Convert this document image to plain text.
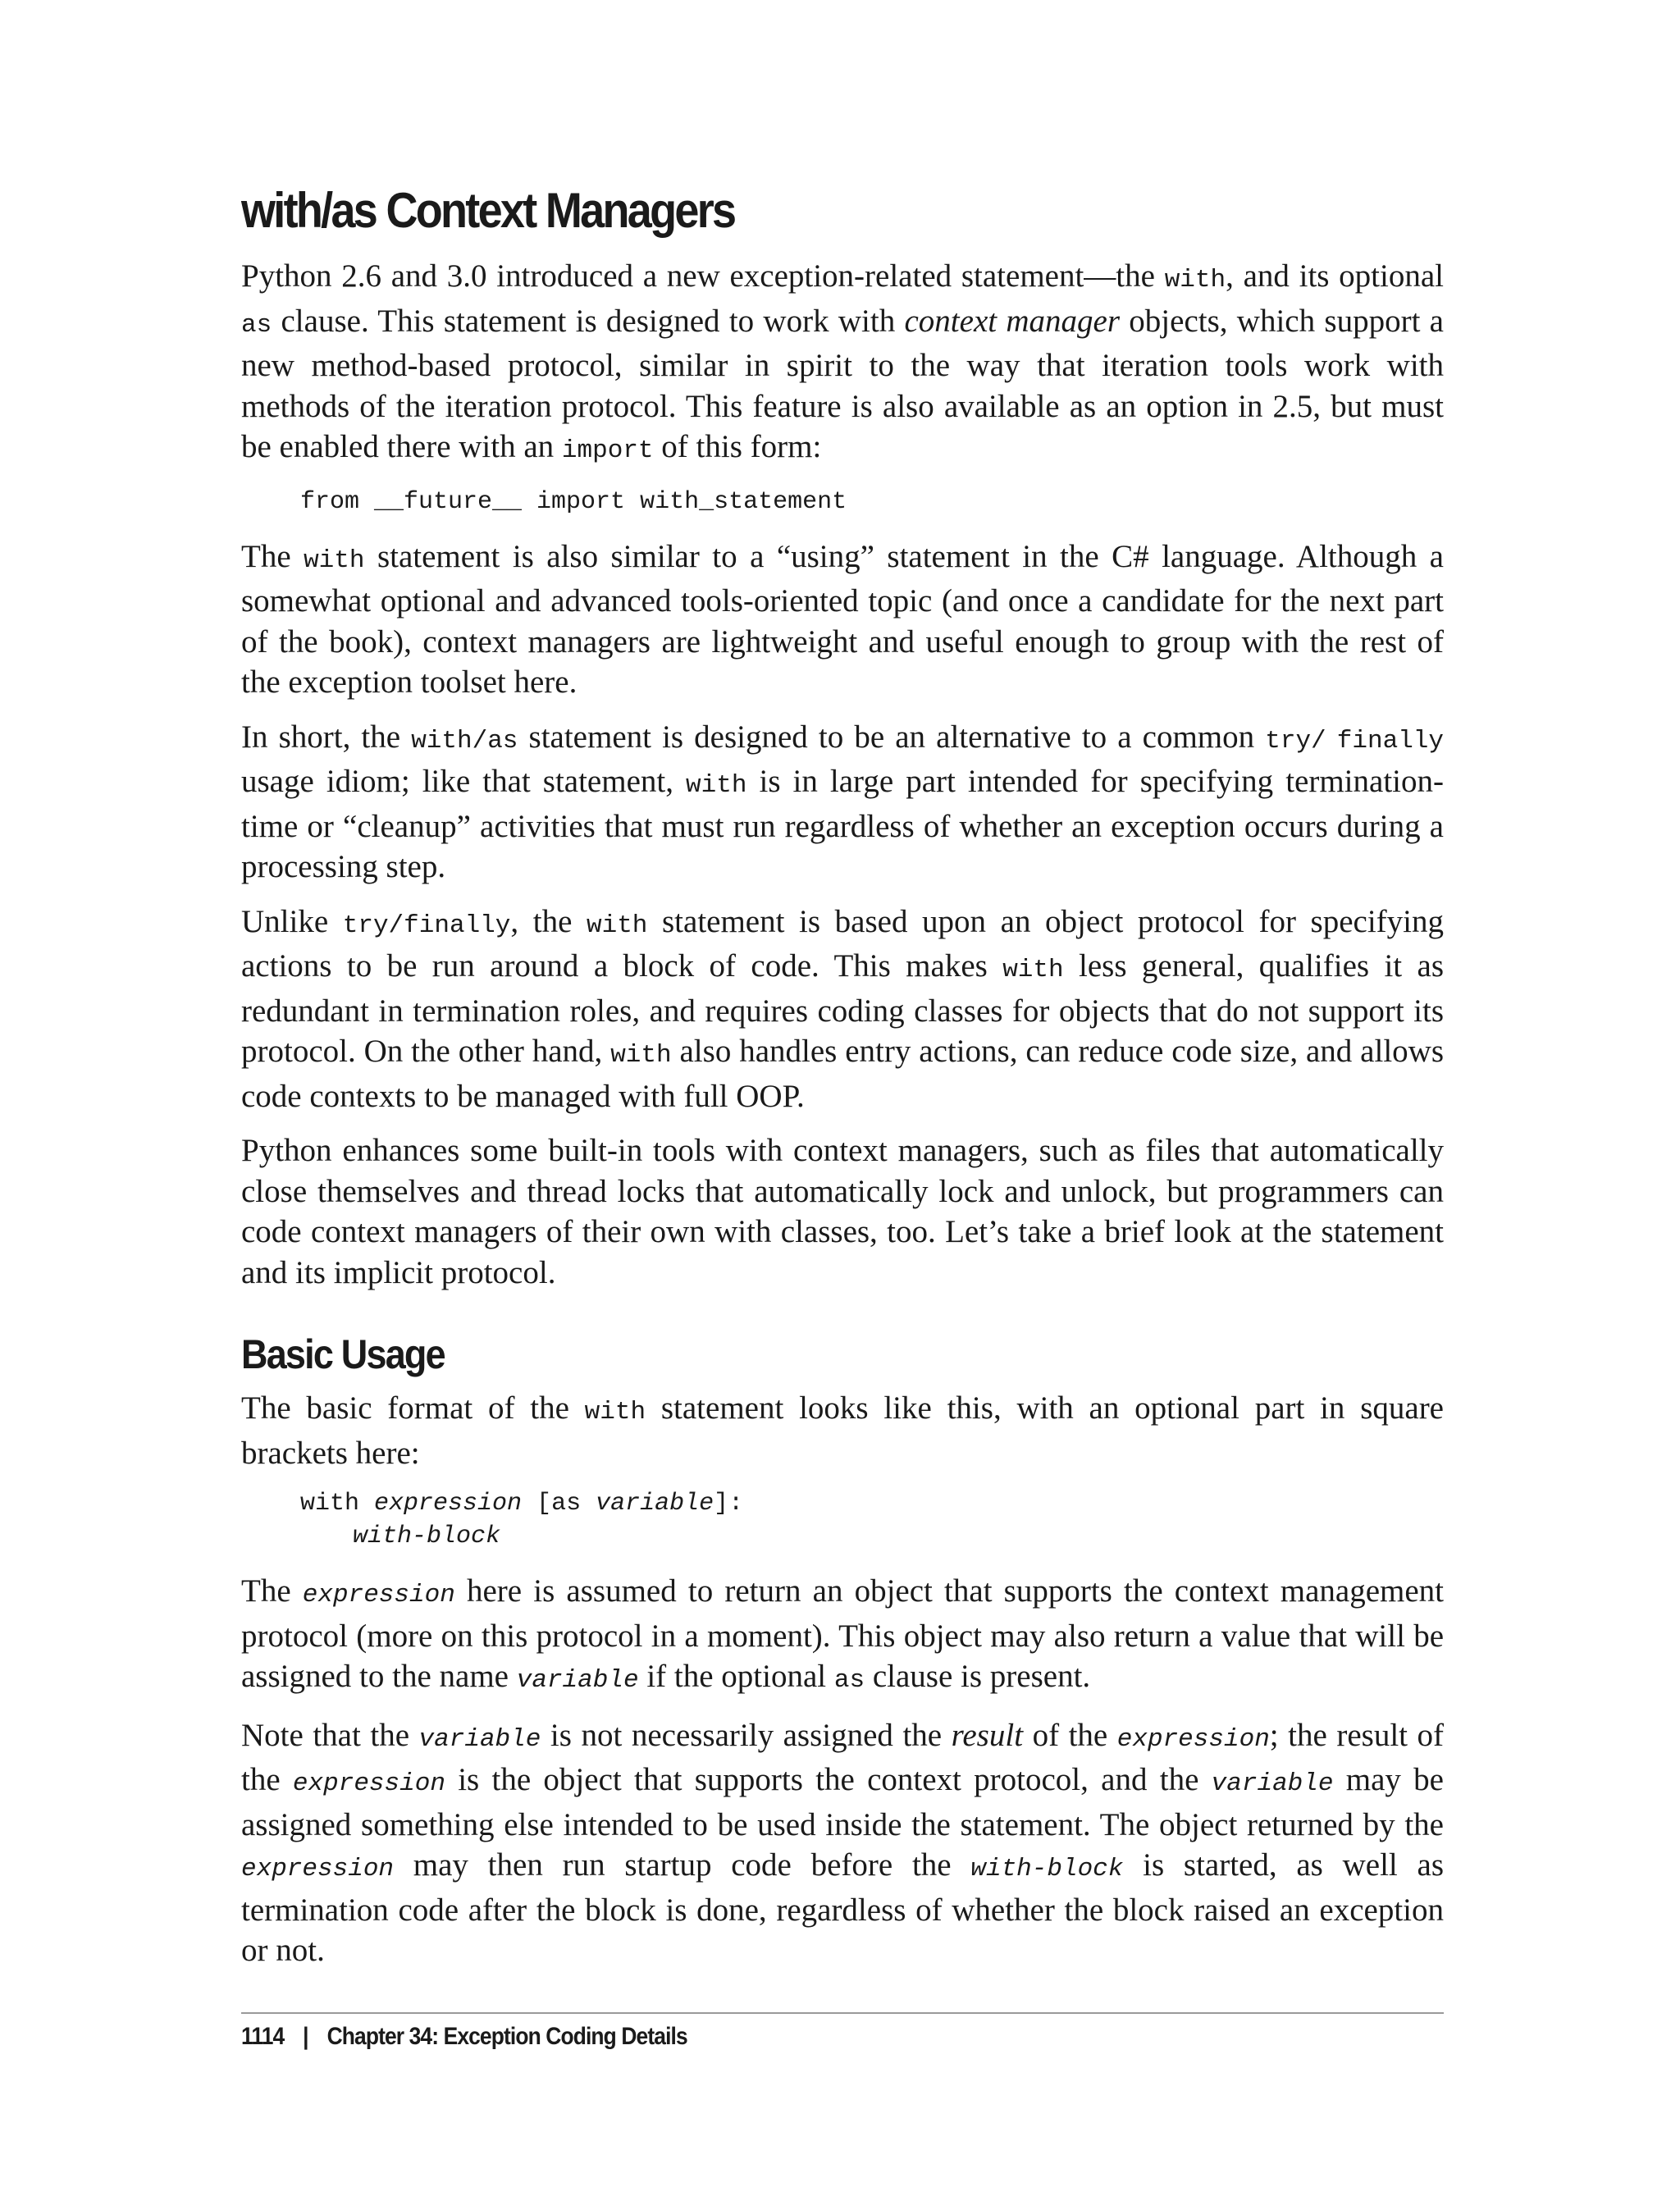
with/as Context Managers

Python 2.6 and 3.0 introduced a new exception-related statement—the with, and its optional as clause. This statement is designed to work with context manager objects, which support a new method-based protocol, similar in spirit to the way that iteration tools work with methods of the iteration protocol. This feature is also available as an option in 2.5, but must be enabled there with an import of this form:

from __future__ import with_statement

The with statement is also similar to a “using” statement in the C# language. Although a somewhat optional and advanced tools-oriented topic (and once a candidate for the next part of the book), context managers are lightweight and useful enough to group with the rest of the exception toolset here.

In short, the with/as statement is designed to be an alternative to a common try/ finally usage idiom; like that statement, with is in large part intended for specifying termination-time or “cleanup” activities that must run regardless of whether an exception occurs during a processing step.

Unlike try/finally, the with statement is based upon an object protocol for specifying actions to be run around a block of code. This makes with less general, qualifies it as redundant in termination roles, and requires coding classes for objects that do not support its protocol. On the other hand, with also handles entry actions, can reduce code size, and allows code contexts to be managed with full OOP.

Python enhances some built-in tools with context managers, such as files that automatically close themselves and thread locks that automatically lock and unlock, but programmers can code context managers of their own with classes, too. Let’s take a brief look at the statement and its implicit protocol.

Basic Usage

The basic format of the with statement looks like this, with an optional part in square brackets here:

with expression [as variable]:
with-block

The expression here is assumed to return an object that supports the context management protocol (more on this protocol in a moment). This object may also return a value that will be assigned to the name variable if the optional as clause is present.

Note that the variable is not necessarily assigned the result of the expression; the result of the expression is the object that supports the context protocol, and the variable may be assigned something else intended to be used inside the statement. The object returned by the expression may then run startup code before the with-block is started, as well as termination code after the block is done, regardless of whether the block raised an exception or not.

1114 | Chapter 34: Exception Coding Details
